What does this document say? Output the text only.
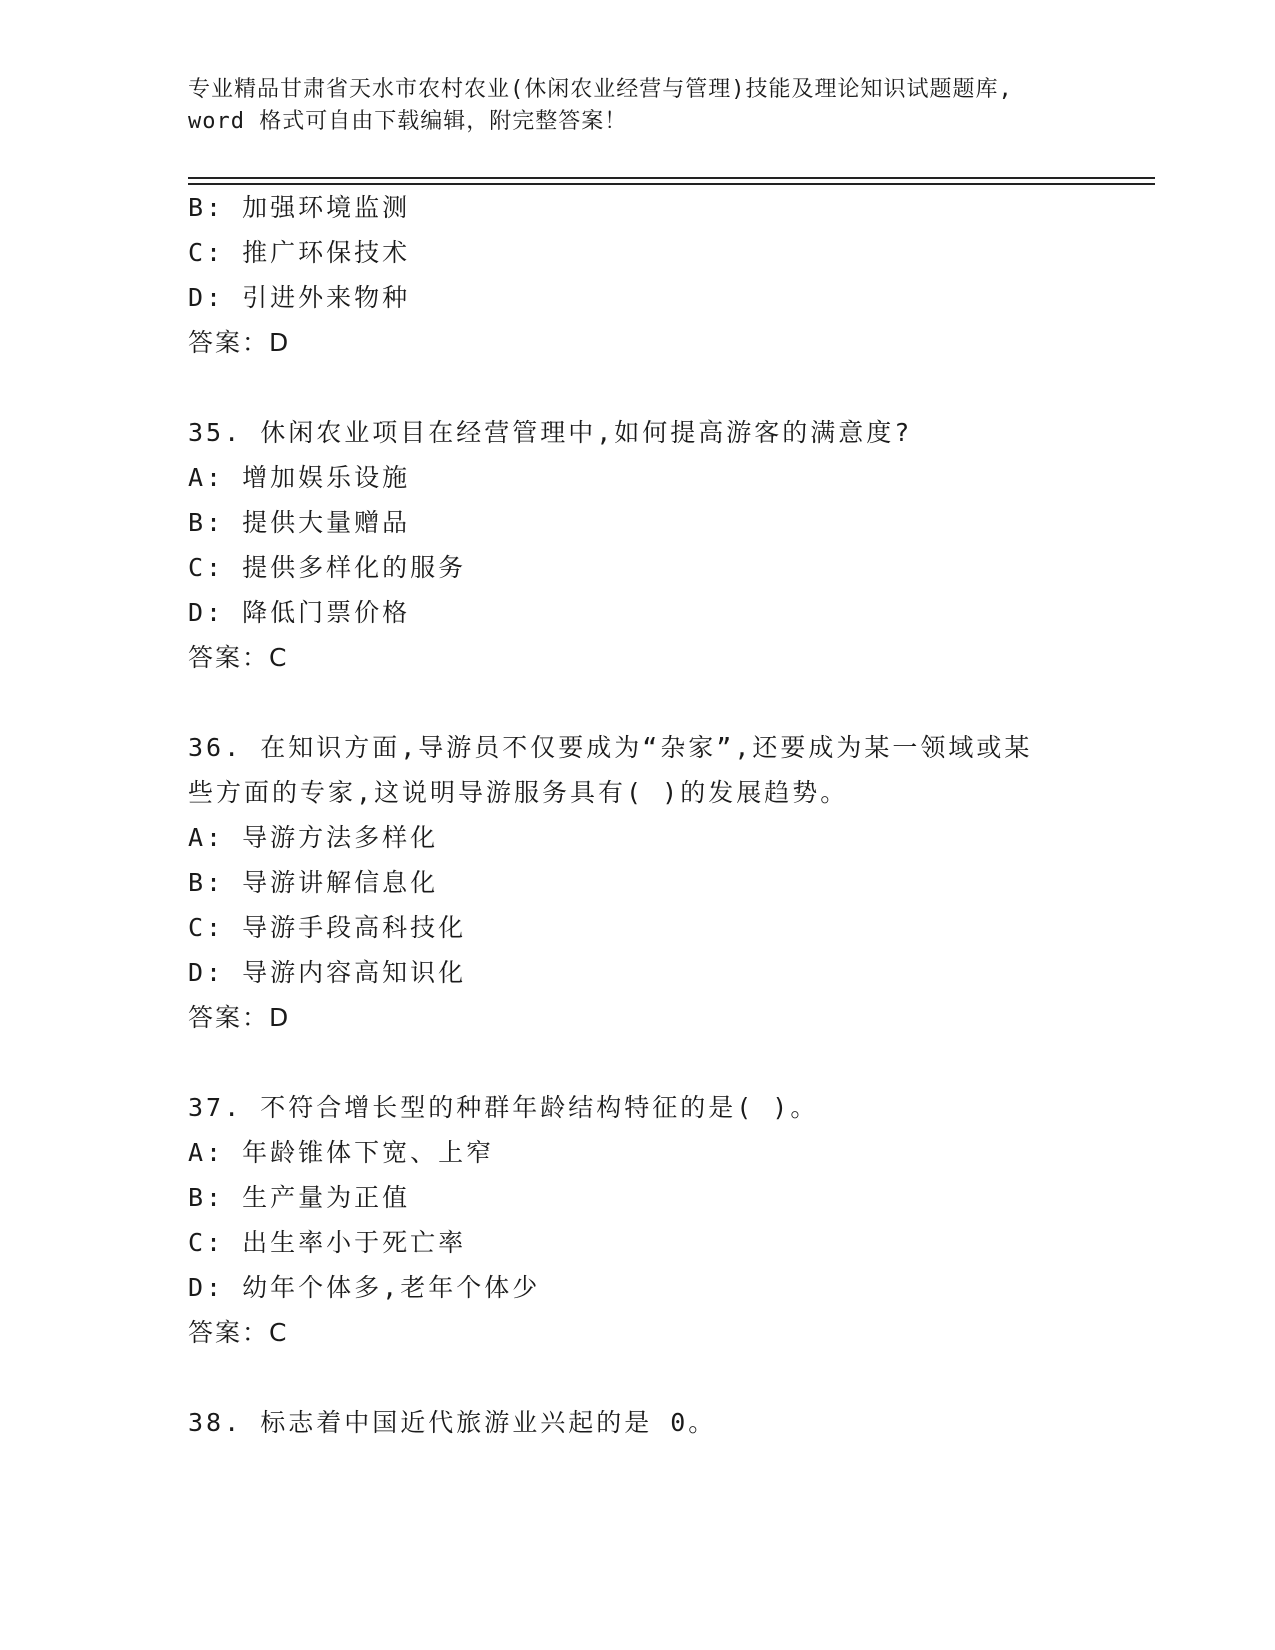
专业精品甘肃省天水市农村农业(休闲农业经营与管理)技能及理论知识试题题库,
word 格式可自由下载编辑，附完整答案！
B: 加强环境监测
C: 推广环保技术
D: 引进外来物种
答案：D
35. 休闲农业项目在经营管理中,如何提高游客的满意度?
A: 增加娱乐设施
B: 提供大量赠品
C: 提供多样化的服务
D: 降低门票价格
答案：C
36. 在知识方面,导游员不仅要成为“杂家”,还要成为某一领域或某
些方面的专家,这说明导游服务具有( )的发展趋势。
A: 导游方法多样化
B: 导游讲解信息化
C: 导游手段高科技化
D: 导游内容高知识化
答案：D
37. 不符合增长型的种群年龄结构特征的是( )。
A: 年龄锥体下宽、上窄
B: 生产量为正值
C: 出生率小于死亡率
D: 幼年个体多,老年个体少
答案：C
38. 标志着中国近代旅游业兴起的是 0。
